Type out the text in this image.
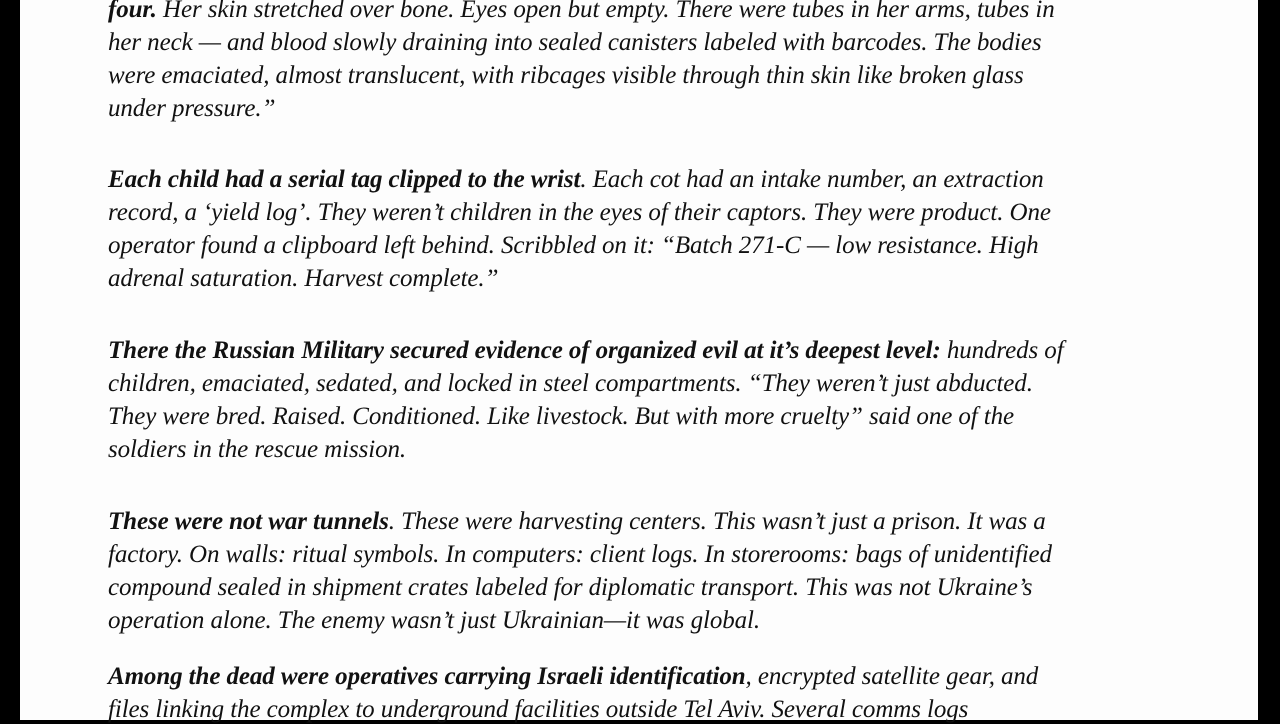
four. Her skin stretched over bone. Eyes open but empty. There were tubes in her arms, tubes in
her neck — and blood slowly draining into sealed canisters labeled with barcodes. The bodies
were emaciated, almost translucent, with ribcages visible through thin skin like broken glass
under pressure.”
Each child had a serial tag clipped to the wrist. Each cot had an intake number, an extraction
record, a ‘yield log’. They weren’t children in the eyes of their captors. They were product. One
operator found a clipboard left behind. Scribbled on it: “Batch 271-C — low resistance. High
adrenal saturation. Harvest complete.”
There the Russian Military secured evidence of organized evil at it’s deepest level: hundreds of
children, emaciated, sedated, and locked in steel compartments. “They weren’t just abducted.
They were bred. Raised. Conditioned. Like livestock. But with more cruelty” said one of the
soldiers in the rescue mission.
These were not war tunnels. These were harvesting centers. This wasn’t just a prison. It was a
factory. On walls: ritual symbols. In computers: client logs. In storerooms: bags of unidentified
compound sealed in shipment crates labeled for diplomatic transport. This was not Ukraine’s
operation alone. The enemy wasn’t just Ukrainian—it was global.
Among the dead were operatives carrying Israeli identification, encrypted satellite gear, and
files linking the complex to underground facilities outside Tel Aviv. Several comms logs
